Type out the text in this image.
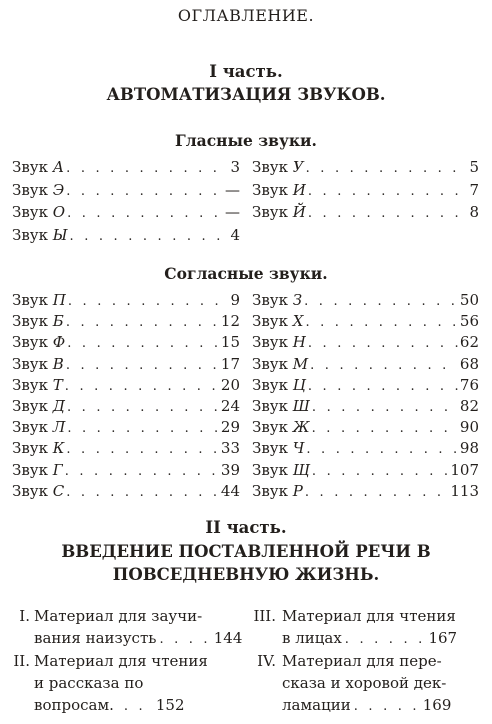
ОГЛАВЛЕНИЕ.
I часть.
АВТОМАТИЗАЦИЯ ЗВУКОВ.
Гласные звуки.
Звук А . . .	3
Звук Э . . .	—
Звук О . . .	—
Звук Ы . . .	4
Звук У . . .	5
Звук И . . .	7
Звук Й . . .	8
Согласные звуки.
Звук П . . .	9
Звук Б . . .	12
Звук Ф . . .	15
Звук В . . .	17
Звук Т . . .	20
Звук Д . . .	24
Звук Л . . .	29
Звук К . . .	33
Звук Г . . .	39
Звук С . . .	44
Звук З . . .	50
Звук Х . . .	56
Звук Н . . .	62
Звук М . . .	68
Звук Ц . . .	76
Звук Ш . . .	82
Звук Ж . . .	90
Звук Ч . . .	98
Звук Щ . . .	107
Звук Р . . .	113
II часть.
ВВЕДЕНИЕ ПОСТАВЛЕННОЙ РЕЧИ В
ПОВСЕДНЕВНУЮ ЖИЗНЬ.
I. Материал для заучи-
вания наизусть . . . . 144
II. Материал для чтения
и рассказа по
вопросам. . . 152
III. Материал для чтения
в лицах . . . . . . 167
IV. Материал для пере-
сказа и хоровой дек-
ламации . . . . . 169
